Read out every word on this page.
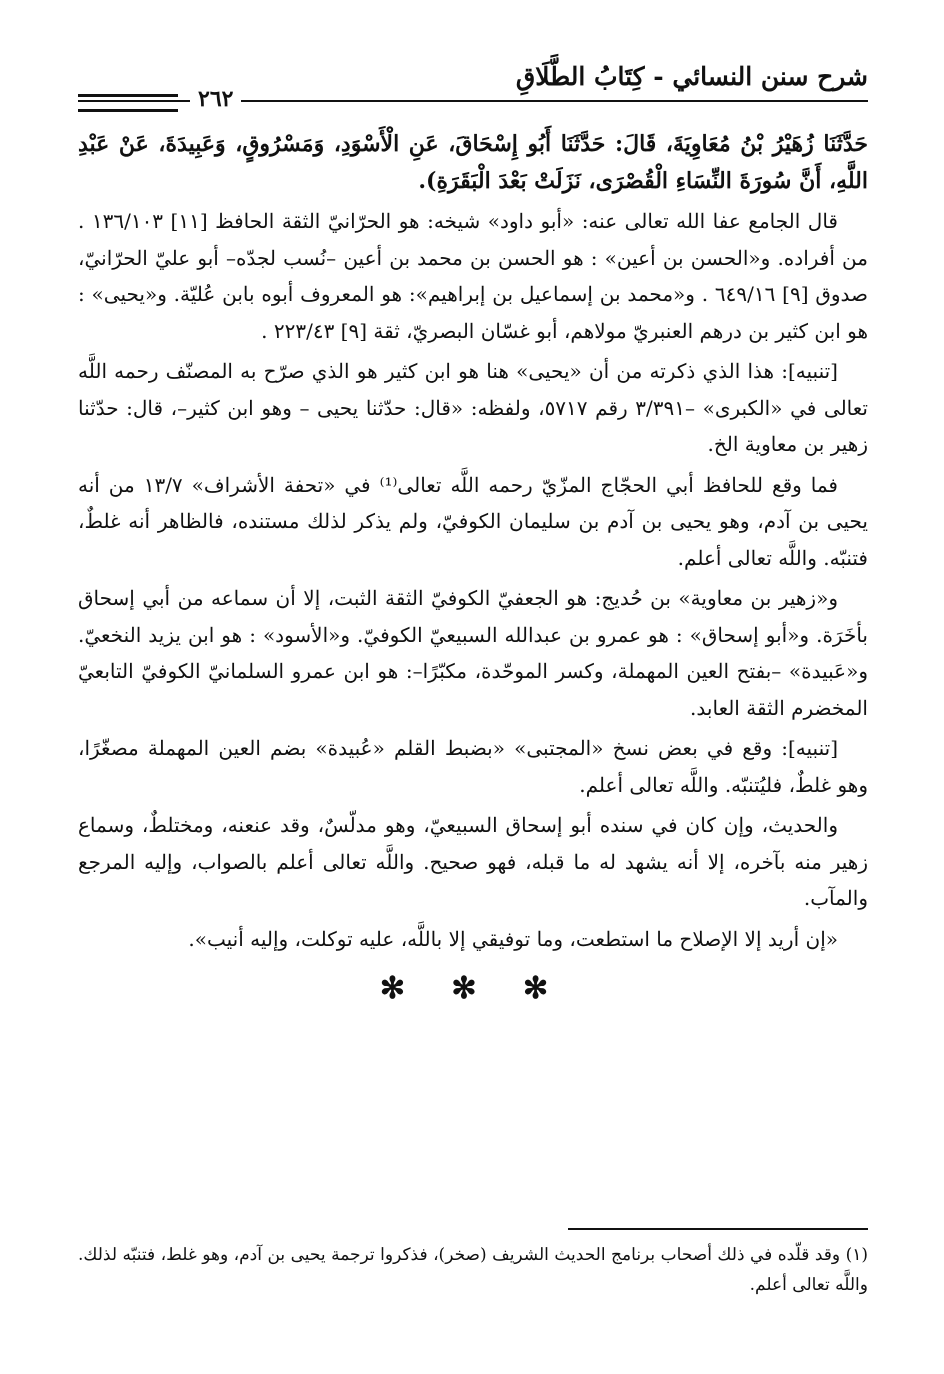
شرح سنن النسائي - كِتَابُ الطَّلَاقِ
٢٦٢

حَدَّثَنَا زُهَيْرُ بْنُ مُعَاوِيَةَ، قَالَ: حَدَّثَنَا أَبُو إِسْحَاقَ، عَنِ الْأَسْوَدِ، وَمَسْرُوقٍ، وَعَبِيدَةَ، عَنْ عَبْدِ اللَّهِ، أَنَّ سُورَةَ النِّسَاءِ الْقُصْرَى، نَزَلَتْ بَعْدَ الْبَقَرَةِ).

قال الجامع عفا الله تعالى عنه: «أبو داود» شيخه: هو الحرّانيّ الثقة الحافظ [١١] ١٣٦/١٠٣ . من أفراده. و«الحسن بن أعين» : هو الحسن بن محمد بن أعين –نُسب لجدّه– أبو عليّ الحرّانيّ، صدوق [٩] ٦٤٩/١٦ . و«محمد بن إسماعيل بن إبراهيم»: هو المعروف أبوه بابن عُليّة. و«يحيى» : هو ابن كثير بن درهم العنبريّ مولاهم، أبو غسّان البصريّ، ثقة [٩] ٢٢٣/٤٣ .

[تنبيه]: هذا الذي ذكرته من أن «يحيى» هنا هو ابن كثير هو الذي صرّح به المصنّف رحمه اللَّه تعالى في «الكبرى» –٣/٣٩١ رقم ٥٧١٧، ولفظه: «قال: حدّثنا يحيى – وهو ابن كثير–، قال: حدّثنا زهير بن معاوية الخ.

فما وقع للحافظ أبي الحجّاج المزّيّ رحمه اللَّه تعالى⁽¹⁾ في «تحفة الأشراف» ١٣/٧ من أنه يحيى بن آدم، وهو يحيى بن آدم بن سليمان الكوفيّ، ولم يذكر لذلك مستنده، فالظاهر أنه غلطٌ، فتنبّه. واللَّه تعالى أعلم.

و«زهير بن معاوية» بن حُديج: هو الجعفيّ الكوفيّ الثقة الثبت، إلا أن سماعه من أبي إسحاق بأخَرَة. و«أبو إسحاق» : هو عمرو بن عبدالله السبيعيّ الكوفيّ. و«الأسود» : هو ابن يزيد النخعيّ. و«عَبيدة» –بفتح العين المهملة، وكسر الموحّدة، مكبّرًا–: هو ابن عمرو السلمانيّ الكوفيّ التابعيّ المخضرم الثقة العابد.

[تنبيه]: وقع في بعض نسخ «المجتبى» «بضبط القلم «عُبيدة» بضم العين المهملة مصغّرًا، وهو غلطٌ، فليُتنبّه. واللَّه تعالى أعلم.

والحديث، وإن كان في سنده أبو إسحاق السبيعيّ، وهو مدلّسٌ، وقد عنعنه، ومختلطٌ، وسماع زهير منه بآخره، إلا أنه يشهد له ما قبله، فهو صحيح. واللَّه تعالى أعلم بالصواب، وإليه المرجع والمآب.

«إن أريد إلا الإصلاح ما استطعت، وما توفيقي إلا باللَّه، عليه توكلت، وإليه أنيب».

✻ ✻ ✻
(١) وقد قلّده في ذلك أصحاب برنامج الحديث الشريف (صخر)، فذكروا ترجمة يحيى بن آدم، وهو غلط، فتنبّه لذلك. واللَّه تعالى أعلم.
